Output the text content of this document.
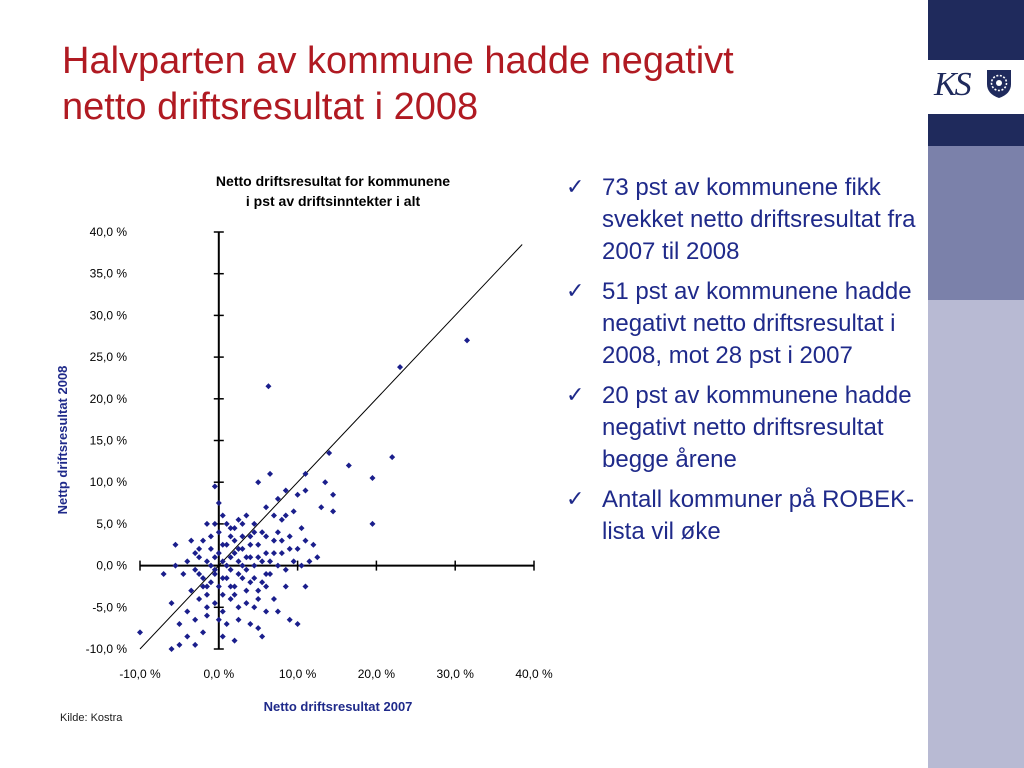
KS
Halvparten av kommune hadde negativt
netto driftsresultat i 2008
Netto driftsresultat for kommunene
i pst av driftsinntekter i alt
40,0 %
35,0 %
30,0 %
25,0 %
20,0 %
15,0 %
10,0 %
5,0 %
0,0 %
-5,0 %
-10,0 %
-10,0 %	0,0 %	10,0 %	20,0 %	30,0 %	40,0 %
Netto driftsresultat 2007
Nettp driftsresultat 2008
✓ 73 pst av kommunene fikk svekket netto driftsresultat fra 2007 til 2008
✓ 51 pst av kommunene hadde negativt netto driftsresultat i 2008, mot 28 pst i 2007
✓ 20 pst av kommunene hadde negativt netto driftsresultat begge årene
✓ Antall kommuner på ROBEK-lista vil øke
Kilde: Kostra
